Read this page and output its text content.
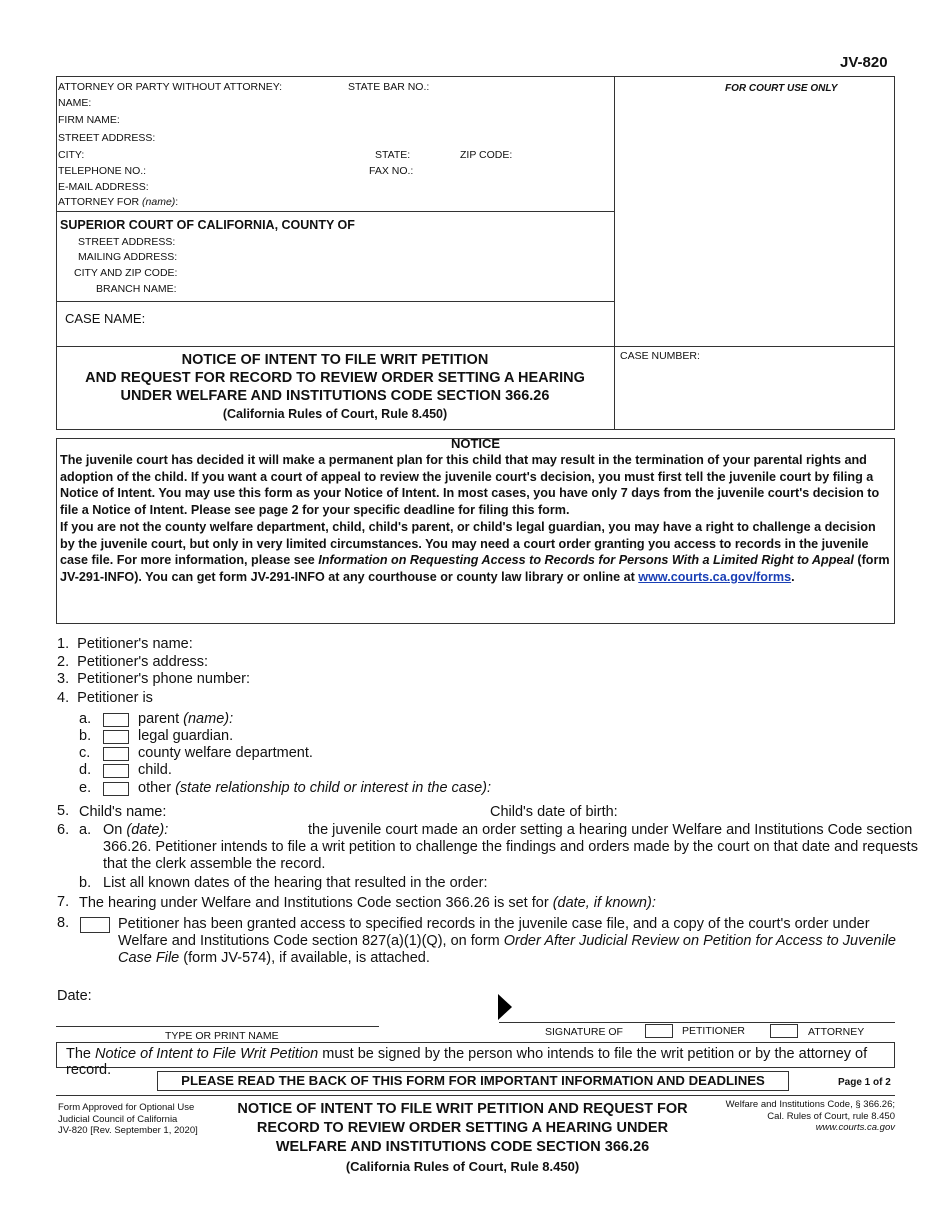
JV-820
ATTORNEY OR PARTY WITHOUT ATTORNEY:	STATE BAR NO.:
NAME:
FIRM NAME:
STREET ADDRESS:
CITY:	STATE:	ZIP CODE:
TELEPHONE NO.:	FAX NO.:
E-MAIL ADDRESS:
ATTORNEY FOR (name):
FOR COURT USE ONLY
SUPERIOR COURT OF CALIFORNIA, COUNTY OF
STREET ADDRESS:
MAILING ADDRESS:
CITY AND ZIP CODE:
BRANCH NAME:
CASE NAME:
CASE NUMBER:
NOTICE OF INTENT TO FILE WRIT PETITION
AND REQUEST FOR RECORD TO REVIEW ORDER SETTING A HEARING
UNDER WELFARE AND INSTITUTIONS CODE SECTION 366.26
(California Rules of Court, Rule 8.450)
NOTICE
The juvenile court has decided it will make a permanent plan for this child that may result in the termination of your parental rights and adoption of the child. If you want a court of appeal to review the juvenile court's decision, you must first tell the juvenile court by filing a Notice of Intent. You may use this form as your Notice of Intent. In most cases, you have only 7 days from the juvenile court's decision to file a Notice of Intent. Please see page 2 for your specific deadline for filing this form.
If you are not the county welfare department, child, child's parent, or child's legal guardian, you may have a right to challenge a decision by the juvenile court, but only in very limited circumstances. You may need a court order granting you access to records in the juvenile case file. For more information, please see Information on Requesting Access to Records for Persons With a Limited Right to Appeal (form JV-291-INFO). You can get form JV-291-INFO at any courthouse or county law library or online at www.courts.ca.gov/forms.
1. Petitioner's name:
2. Petitioner's address:
3. Petitioner's phone number:
4. Petitioner is
a.	parent (name):
b.	legal guardian.
c.	county welfare department.
d.	child.
e.	other (state relationship to child or interest in the case):
5. Child's name:	Child's date of birth:
6. a. On (date):	the juvenile court made an order setting a hearing under Welfare and Institutions Code section
366.26. Petitioner intends to file a writ petition to challenge the findings and orders made by the court on that date and requests
that the clerk assemble the record.
b. List all known dates of the hearing that resulted in the order:
7. The hearing under Welfare and Institutions Code section 366.26 is set for (date, if known):
8.	Petitioner has been granted access to specified records in the juvenile case file, and a copy of the court's order under
Welfare and Institutions Code section 827(a)(1)(Q), on form Order After Judicial Review on Petition for Access to Juvenile
Case File (form JV-574), if available, is attached.
Date:
TYPE OR PRINT NAME	SIGNATURE OF	PETITIONER	ATTORNEY
The Notice of Intent to File Writ Petition must be signed by the person who intends to file the writ petition or by the attorney of record.
PLEASE READ THE BACK OF THIS FORM FOR IMPORTANT INFORMATION AND DEADLINES	Page 1 of 2
Form Approved for Optional Use
Judicial Council of California
JV-820 [Rev. September 1, 2020]
NOTICE OF INTENT TO FILE WRIT PETITION AND REQUEST FOR
RECORD TO REVIEW ORDER SETTING A HEARING UNDER
WELFARE AND INSTITUTIONS CODE SECTION 366.26
(California Rules of Court, Rule 8.450)
Welfare and Institutions Code, § 366.26;
Cal. Rules of Court, rule 8.450
www.courts.ca.gov
